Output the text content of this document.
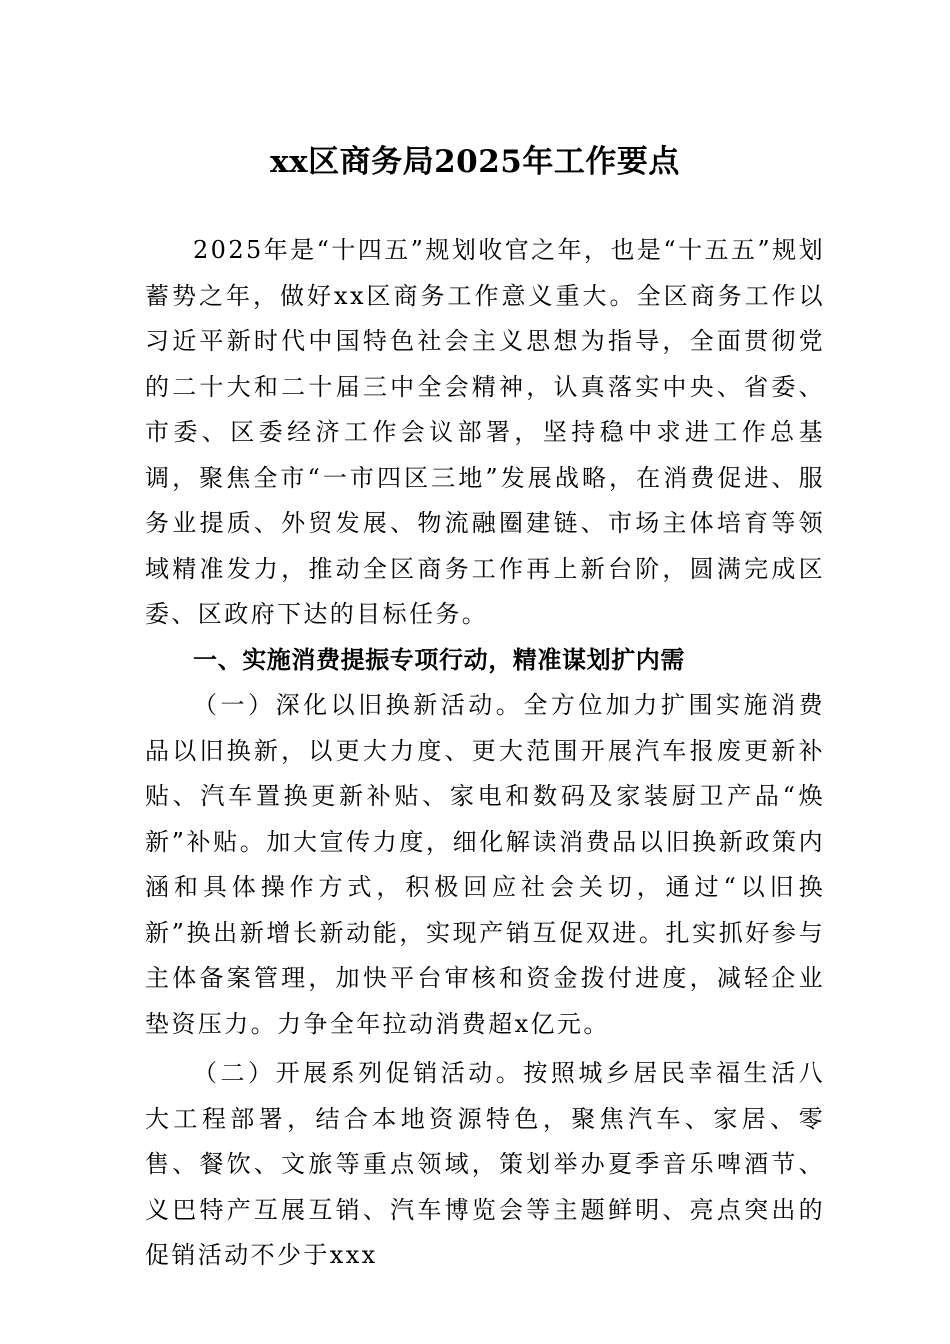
xx区商务局2025年工作要点

2025年是“十四五”规划收官之年，也是“十五五”规划蓄势之年，做好xx区商务工作意义重大。全区商务工作以习近平新时代中国特色社会主义思想为指导，全面贯彻党的二十大和二十届三中全会精神，认真落实中央、省委、市委、区委经济工作会议部署，坚持稳中求进工作总基调，聚焦全市“一市四区三地”发展战略，在消费促进、服务业提质、外贸发展、物流融圈建链、市场主体培育等领域精准发力，推动全区商务工作再上新台阶，圆满完成区委、区政府下达的目标任务。

一、实施消费提振专项行动，精准谋划扩内需

（一）深化以旧换新活动。全方位加力扩围实施消费品以旧换新，以更大力度、更大范围开展汽车报废更新补贴、汽车置换更新补贴、家电和数码及家装厨卫产品“焕新”补贴。加大宣传力度，细化解读消费品以旧换新政策内涵和具体操作方式，积极回应社会关切，通过“以旧换新”换出新增长新动能，实现产销互促双进。扎实抓好参与主体备案管理，加快平台审核和资金拨付进度，减轻企业垫资压力。力争全年拉动消费超x亿元。

（二）开展系列促销活动。按照城乡居民幸福生活八大工程部署，结合本地资源特色，聚焦汽车、家居、零售、餐饮、文旅等重点领域，策划举办夏季音乐啤酒节、义巴特产互展互销、汽车博览会等主题鲜明、亮点突出的促销活动不少于xxx
